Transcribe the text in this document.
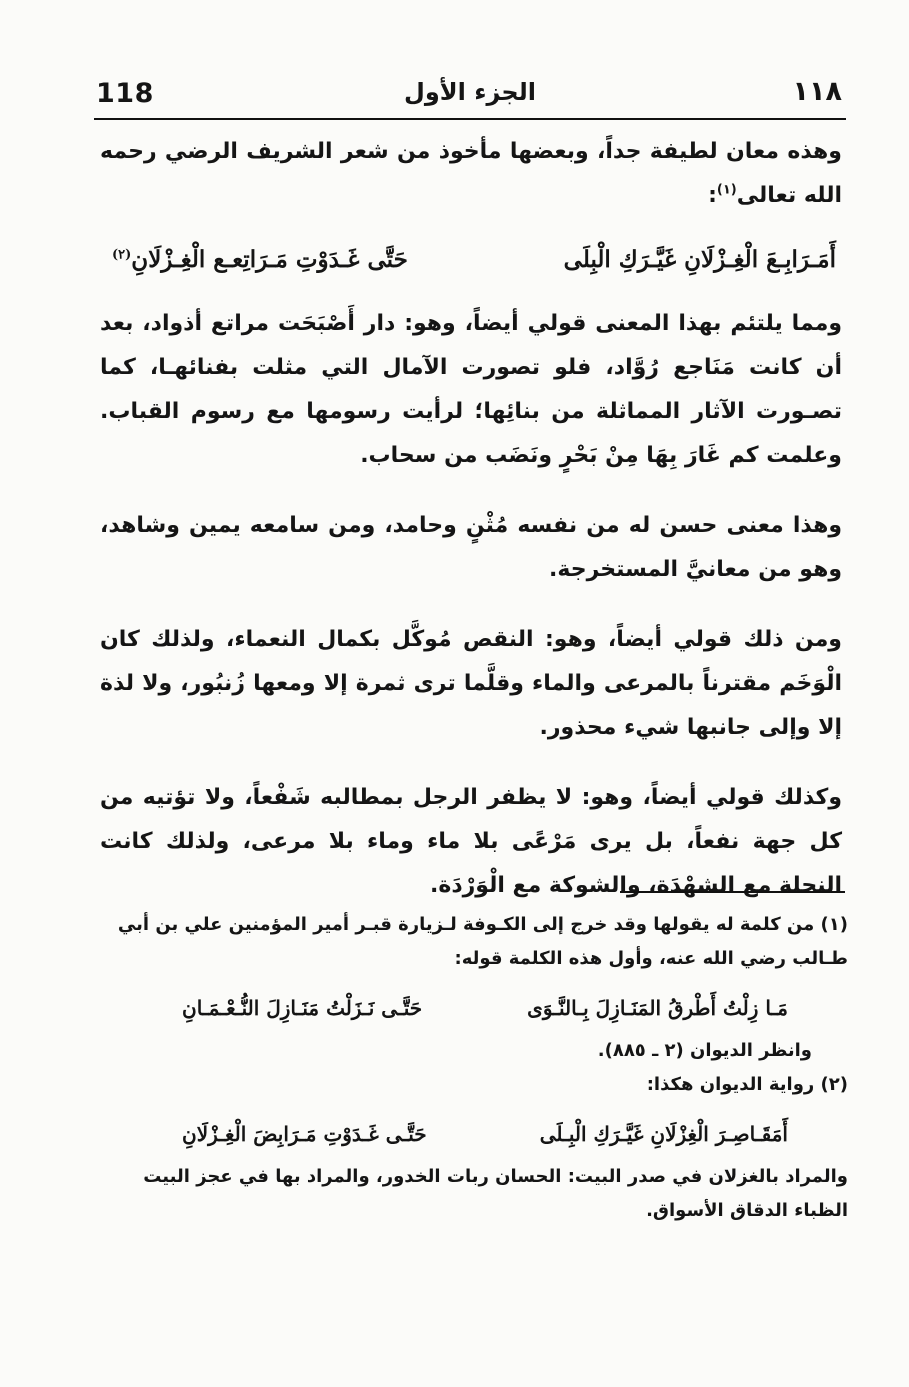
118	الجزء الأول	١١٨

وهذه معان لطيفة جداً، وبعضها مأخوذ من شعر الشريف الرضي رحمه الله تعالى$^{(١)}$:

أَمَـرَابِـعَ الْغِـزْلَانِ غَيَّـرَكِ الْبِلَى
حَتَّى غَـدَوْتِ مَـرَاتِعـع الْغِـزْلَانِ$^{(٢)}$

ومما يلتئم بهذا المعنى قولي أيضاً، وهو: دار أَصْبَحَت مراتع أذواد، بعد أن كانت مَنَاجع رُوَّاد، فلو تصورت الآمال التي مثلت بفنائهـا، كما تصـورت الآثار المماثلة من بنائِها؛ لرأيت رسومها مع رسوم القباب. وعلمت كم غَارَ بِهَا مِنْ بَحْرٍ ونَضَب من سحاب.

وهذا معنى حسن له من نفسه مُثْنٍ وحامد، ومن سامعه يمين وشاهد، وهو من معانيَّ المستخرجة.

ومن ذلك قولي أيضاً، وهو: النقص مُوكَّل بكمال النعماء، ولذلك كان الْوَخَم مقترناً بالمرعى والماء وقلَّما ترى ثمرة إلا ومعها زُنبُور، ولا لذة إلا وإلى جانبها شيء محذور.

وكذلك قولي أيضاً، وهو: لا يظفر الرجل بمطالبه شَفْعاً، ولا تؤتيه من كل جهة نفعاً، بل يرى مَرْعًى بلا ماء وماء بلا مرعى، ولذلك كانت النحلة مع الشهْدَة، والشوكة مع الْوَرْدَة.

(١) من كلمة له يقولها وقد خرج إلى الكـوفة لـزيارة قبـر أمير المؤمنين علي بن أبي طـالب رضي الله عنه، وأول هذه الكلمة قوله:

مَـا زِلْتُ أَطْرقُ المَنَـازِلَ بِـالنَّـوَى
حَتَّـى نَـزَلْتُ مَنَـازِلَ النُّـعْـمَـانِ

وانظر الديوان (٢ ـ ٨٨٥).

(٢) رواية الديوان هكذا:

أَمَقَـاصِـرَ الْغِزْلَانِ غَيَّـرَكِ الْبِـلَى
حَتَّـى غَـدَوْتِ مَـرَابِضَ الْغِـزْلَانِ

والمراد بالغزلان في صدر البيت: الحسان ربات الخدور، والمراد بها في عجز البيت الظباء الدقاق الأسواق.
